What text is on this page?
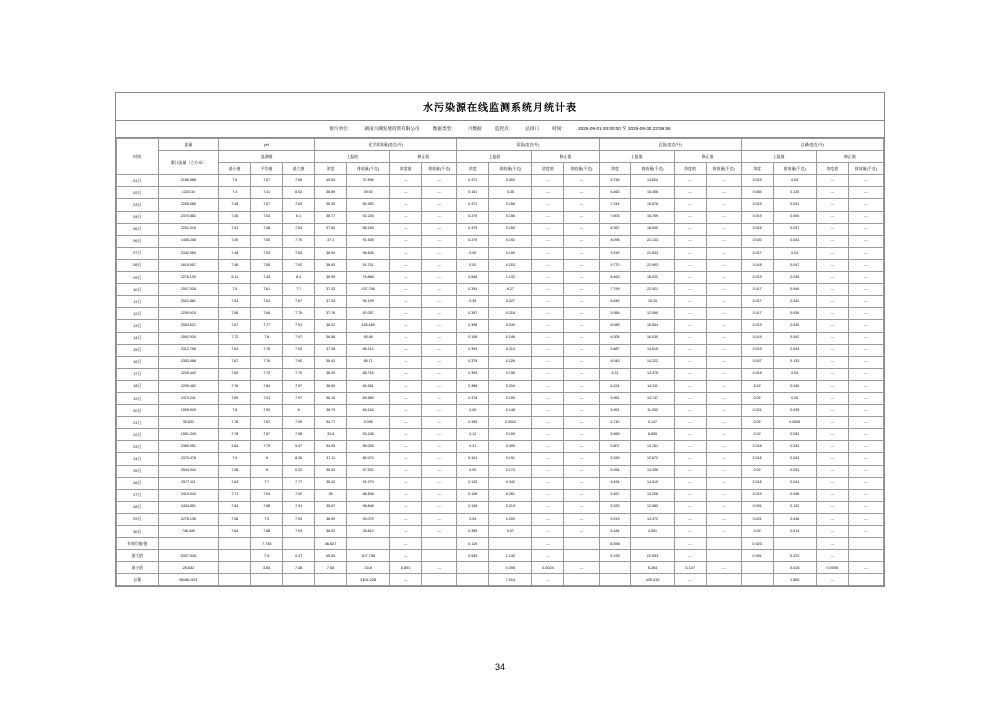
水污染源在线监测系统月统计表
排污单位：	湖南兴湘发展投资有限公司	数据类型：	月数据	监控点：	总排口	时间：	2025-09-01 00:00:00 至 2025-09-30 23:59:59
时间	流量	pH			化学需氧量(毫克/升)				氨氮(毫克/升)				总氮(毫克/升)				总磷(毫克/升)			
	累计流量（立方米）	监测值			上报值		修正值		上报值		修正值		上报值		修正值		上报值		修正值	
		最小值	平均值	最大值	浓度	排放量(千克)	浓度值	排放量(千克)	浓度	排放量(千克)	浓度值	排放量(千克)	浓度	排放量(千克)	浓度值	排放量(千克)	浓度	排放量(千克)	浓度值	排放量(千克)
01日	2166.988	7.5	7.57	7.66	45.94	37.896	---	---	0.371	0.353	---	---	6.745	14.624	---	---	0.019	0.04	---	---
02日	1324.34	7.4	7.41	8.02	36.69	39.92	---	---	0.151	0.35	---	---	6.463	15.406	---	---	0.084	0.125	---	---
03日	2205.989	7.48	7.57	7.63	36.35	84.983	---	---	0.371	0.156	---	---	7.244	15.876	---	---	0.019	0.041	---	---
04日	2370.882	7.45	7.53	6.1	36.77	92.226	---	---	0.379	0.156	---	---	7.605	16.759	---	---	0.019	0.040	---	---
05日	2201.918	7.41	7.48	7.54	37.60	85.169	---	---	0.379	0.159	---	---	8.367	18.909	---	---	0.016	0.037	---	---
06日	1455.208	7.49	7.50	7.70	37.1	91.505	---	---	0.379	0.192	---	---	8.096	22.133	---	---	0.020	0.043	---	---
07日	2342.984	7.48	7.53	7.63	36.94	96.508	---	---	0.00	0.190	---	---	9.190	21.543	---	---	0.017	0.04	---	---
08日	1619.957	7.48	7.55	7.92	36.92	91.751	---	---	0.00	0.203	---	---	9.770	22.993	---	---	0.018	0.047	---	---
09日	2276.139	5.11	7.43	8.4	36.99	76.868	---	---	0.545	1.132	---	---	8.463	18.022	---	---	0.019	0.039	---	---
10日	2007.026	7.5	7.61	7.7	37.33	107.798	---	---	0.394	6.27	---	---	7.799	22.921	---	---	0.017	0.049	---	---
11日	2522.881	7.54	7.61	7.67	37.34	94.199	---	---	0.39	9.227	---	---	6.845	15.25	---	---	0.017	0.042	---	---
12日	2259.915	7.58	7.66	7.75	37.76	92.057	---	---	0.397	0.218	---	---	5.959	12.950	---	---	0.017	0.039	---	---
13日	2554.621	7.67	7.77	7.91	36.22	105.189	---	---	0.398	0.240	---	---	6.089	15.554	---	---	0.019	0.040	---	---
14日	2592.934	7.72	7.8	7.97	36.58	95.48	---	---	0.106	0.246	---	---	6.205	16.030	---	---	0.019	0.042	---	---
15日	2312.708	7.64	7.76	7.03	37.28	86.214	---	---	0.393	0.214	---	---	5.887	13.615	---	---	0.019	0.043	---	---
16日	2353.488	7.67	7.76	7.92	36.42	85.71	---	---	0.379	0.226	---	---	6.043	14.222	---	---	0.007	0.133	---	---
17日	2228.442	7.69	7.73	7.79	36.29	85.716	---	---	0.394	0.196	---	---	6.31	13.375	---	---	0.018	0.04	---	---
18日	2299.482	7.76	7.84	7.97	36.69	84.361	---	---	0.386	0.204	---	---	6.224	14.311	---	---	5.02	0.040	---	---
19日	2474.241	7.89	7.91	7.97	36.19	89.589	---	---	0.378	0.190	---	---	5.961	14.747	---	---	0.02	0.05	---	---
20日	1905.929	7.8	7.93	8	36.79	65.144	---	---	0.00	0.148	---	---	5.951	11.002	---	---	0.021	0.039	---	---
21日	35.632	7.78	7.87	7.99	34.77	9.095	---	---	0.395	0.0024	---	---	5.740	0.147	---	---	0.02	0.0005	---	---
22日	1591.349	7.78	7.87	7.98	33.8	53.438	---	---	0.12	0.109	---	---	5.569	8.895	---	---	0.02	0.032	---	---
23日	2369.951	3.84	7.79	9.47	34.95	85.006	---	---	0.21	0.490	---	---	5.807	13.761	---	---	0.018	0.042	---	---
24日	2373.478	7.9	8	8.35	37.11	85.074	---	---	5.101	0.191	---	---	5.339	12.672	---	---	0.018	0.043	---	---
25日	2544.943	7.58	8	0.32	36.33	97.532	---	---	0.00	0.174	---	---	5.264	13.395	---	---	0.02	0.051	---	---
26日	2577.111	7.63	7.7	7.77	35.42	91.279	---	---	0.133	0.342	---	---	5.434	14.519	---	---	0.018	0.041	---	---
27日	2415.942	7.71	7.54	7.92	35	86.506	---	---	0.108	0.261	---	---	5.467	13.206	---	---	0.019	0.046	---	---
28日	2434.501	7.83	7.88	7.91	35.67	96.848	---	---	0.108	0.219	---	---	5.333	12.983	---	---	0.091	0.122	---	---
29日	2276.136	7.98	7.9	7.93	36.09	93.079	---	---	0.04	0.200	---	---	5.919	13.472	---	---	0.021	0.048	---	---
30日	746.449	7.84	7.88	7.93	36.92	26.812	---	---	0.395	0.07	---	---	6.184	4.591	---	---	0.02	0.014	---	---
有效均值/值			7.735		36.827		---		0.119		---		6.556		---		0.023		---	
最大值	2007.026		7.9	0.47	45.94	107.798	---		0.545	1.132	---		9.190	22.993	---		0.091	0.222	---	
最小值	25.632		3.84	7.48	7.54	33.8	6.891	---		0.395	0.0024	---		5.264	5.147	---		0.016	0.0005	---
总量	66481.923					2404.228	---			7.914	---			439.419	---			1.560	---	
34
